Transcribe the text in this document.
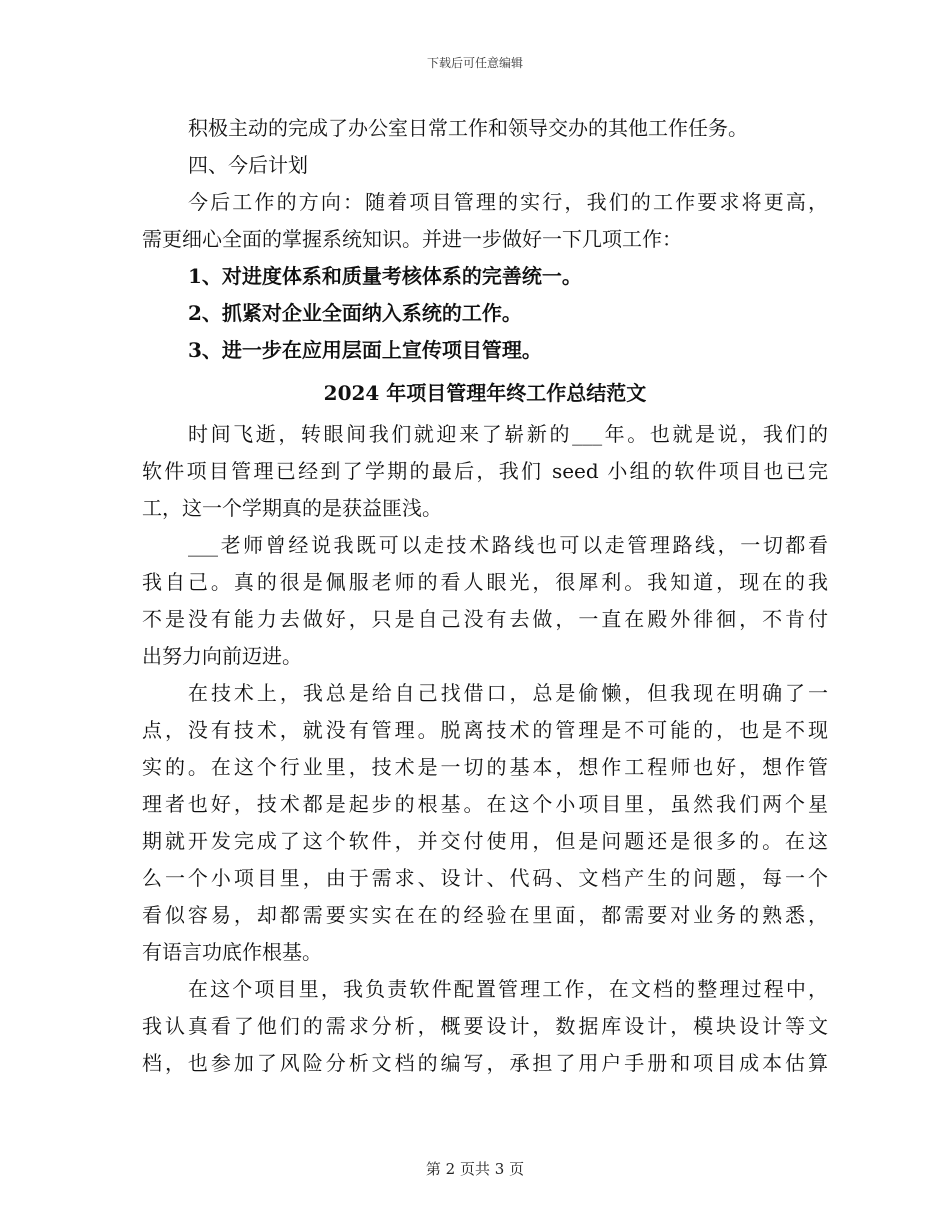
下载后可任意编辑
积极主动的完成了办公室日常工作和领导交办的其他工作任务。
四、今后计划
今后工作的方向：随着项目管理的实行，我们的工作要求将更高，
需更细心全面的掌握系统知识。并进一步做好一下几项工作：
1、对进度体系和质量考核体系的完善统一。
2、抓紧对企业全面纳入系统的工作。
3、进一步在应用层面上宣传项目管理。
2024 年项目管理年终工作总结范文
时间飞逝，转眼间我们就迎来了崭新的___年。也就是说，我们的
软件项目管理已经到了学期的最后，我们 seed 小组的软件项目也已完
工，这一个学期真的是获益匪浅。
___老师曾经说我既可以走技术路线也可以走管理路线，一切都看
我自己。真的很是佩服老师的看人眼光，很犀利。我知道，现在的我
不是没有能力去做好，只是自己没有去做，一直在殿外徘徊，不肯付
出努力向前迈进。
在技术上，我总是给自己找借口，总是偷懒，但我现在明确了一
点，没有技术，就没有管理。脱离技术的管理是不可能的，也是不现
实的。在这个行业里，技术是一切的基本，想作工程师也好，想作管
理者也好，技术都是起步的根基。在这个小项目里，虽然我们两个星
期就开发完成了这个软件，并交付使用，但是问题还是很多的。在这
么一个小项目里，由于需求、设计、代码、文档产生的问题，每一个
看似容易，却都需要实实在在的经验在里面，都需要对业务的熟悉，
有语言功底作根基。
在这个项目里，我负责软件配置管理工作，在文档的整理过程中，
我认真看了他们的需求分析，概要设计，数据库设计，模块设计等文
档，也参加了风险分析文档的编写，承担了用户手册和项目成本估算
第 2 页共 3 页
